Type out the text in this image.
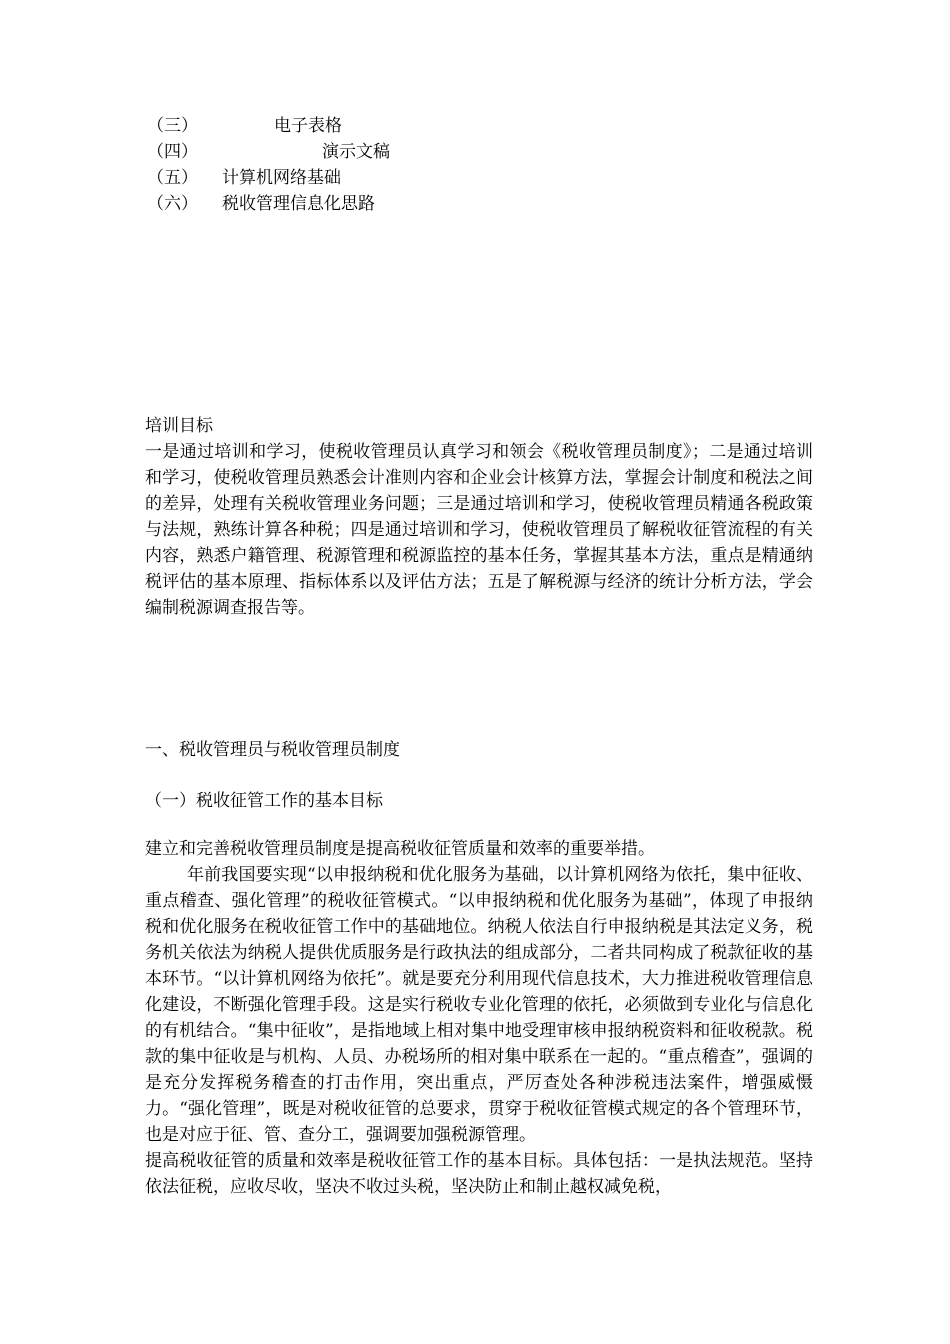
（三）	电子表格
（四）	演示文稿
（五） 计算机网络基础
（六） 税收管理信息化思路

培训目标

一是通过培训和学习，使税收管理员认真学习和领会《税收管理员制度》；二是通过培训和学习，使税收管理员熟悉会计准则内容和企业会计核算方法，掌握会计制度和税法之间的差异，处理有关税收管理业务问题；三是通过培训和学习，使税收管理员精通各税政策与法规，熟练计算各种税；四是通过培训和学习，使税收管理员了解税收征管流程的有关内容，熟悉户籍管理、税源管理和税源监控的基本任务，掌握其基本方法，重点是精通纳税评估的基本原理、指标体系以及评估方法；五是了解税源与经济的统计分析方法，学会编制税源调查报告等。

一、税收管理员与税收管理员制度
（一）税收征管工作的基本目标

建立和完善税收管理员制度是提高税收征管质量和效率的重要举措。

年前我国要实现“以申报纳税和优化服务为基础，以计算机网络为依托，集中征收、重点稽查、强化管理”的税收征管模式。“以申报纳税和优化服务为基础”，体现了申报纳税和优化服务在税收征管工作中的基础地位。纳税人依法自行申报纳税是其法定义务，税务机关依法为纳税人提供优质服务是行政执法的组成部分，二者共同构成了税款征收的基本环节。“以计算机网络为依托”。就是要充分利用现代信息技术，大力推进税收管理信息化建设，不断强化管理手段。这是实行税收专业化管理的依托，必须做到专业化与信息化的有机结合。“集中征收”，是指地域上相对集中地受理审核申报纳税资料和征收税款。税款的集中征收是与机构、人员、办税场所的相对集中联系在一起的。“重点稽查”，强调的是充分发挥税务稽查的打击作用，突出重点，严厉查处各种涉税违法案件，增强威慑力。“强化管理”，既是对税收征管的总要求，贯穿于税收征管模式规定的各个管理环节，也是对应于征、管、查分工，强调要加强税源管理。

提高税收征管的质量和效率是税收征管工作的基本目标。具体包括：一是执法规范。坚持依法征税，应收尽收，坚决不收过头税，坚决防止和制止越权减免税，
